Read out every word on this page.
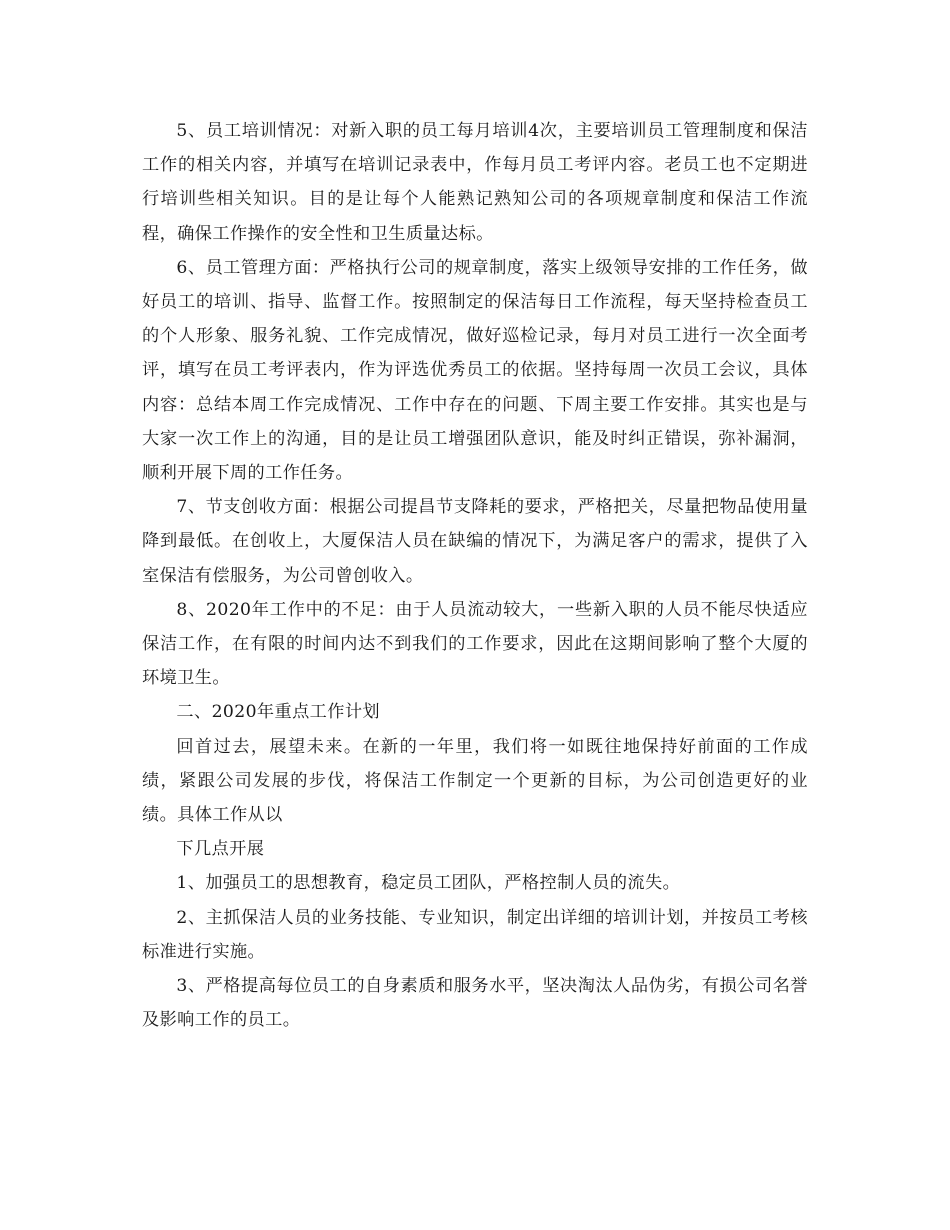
5、员工培训情况：对新入职的员工每月培训4次，主要培训员工管理制度和保洁工作的相关内容，并填写在培训记录表中，作每月员工考评内容。老员工也不定期进行培训些相关知识。目的是让每个人能熟记熟知公司的各项规章制度和保洁工作流程，确保工作操作的安全性和卫生质量达标。

6、员工管理方面：严格执行公司的规章制度，落实上级领导安排的工作任务，做好员工的培训、指导、监督工作。按照制定的保洁每日工作流程，每天坚持检查员工的个人形象、服务礼貌、工作完成情况，做好巡检记录，每月对员工进行一次全面考评，填写在员工考评表内，作为评选优秀员工的依据。坚持每周一次员工会议，具体内容：总结本周工作完成情况、工作中存在的问题、下周主要工作安排。其实也是与大家一次工作上的沟通，目的是让员工增强团队意识，能及时纠正错误，弥补漏洞，顺利开展下周的工作任务。

7、节支创收方面：根据公司提昌节支降耗的要求，严格把关，尽量把物品使用量降到最低。在创收上，大厦保洁人员在缺编的情况下，为满足客户的需求，提供了入室保洁有偿服务，为公司曾创收入。

8、2020年工作中的不足：由于人员流动较大，一些新入职的人员不能尽快适应保洁工作，在有限的时间内达不到我们的工作要求，因此在这期间影响了整个大厦的环境卫生。

二、2020年重点工作计划

回首过去，展望未来。在新的一年里，我们将一如既往地保持好前面的工作成绩，紧跟公司发展的步伐，将保洁工作制定一个更新的目标，为公司创造更好的业绩。具体工作从以

下几点开展

1、加强员工的思想教育，稳定员工团队，严格控制人员的流失。

2、主抓保洁人员的业务技能、专业知识，制定出详细的培训计划，并按员工考核标准进行实施。

3、严格提高每位员工的自身素质和服务水平，坚决淘汰人品伪劣，有损公司名誉及影响工作的员工。
